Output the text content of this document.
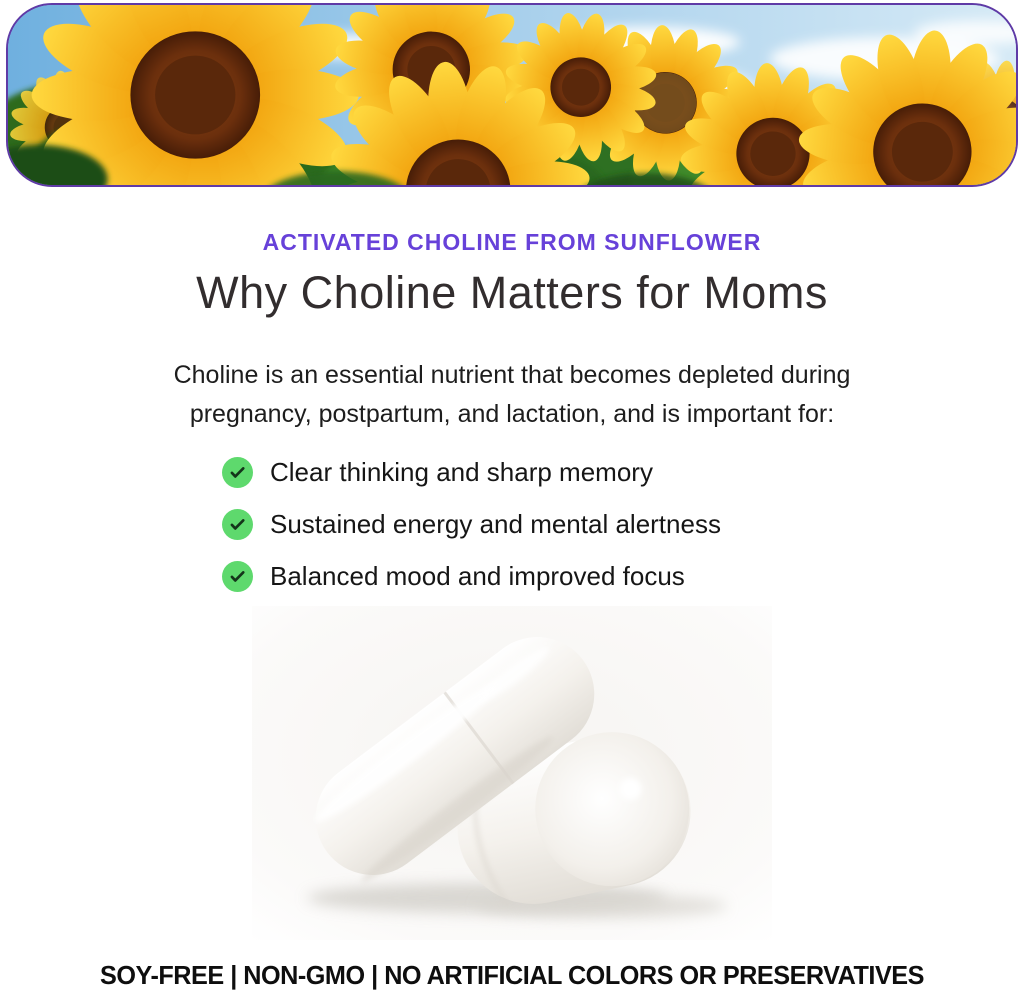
ACTIVATED CHOLINE FROM SUNFLOWER
Why Choline Matters for Moms
Choline is an essential nutrient that becomes depleted during
pregnancy, postpartum, and lactation, and is important for:
Clear thinking and sharp memory
Sustained energy and mental alertness
Balanced mood and improved focus
SOY-FREE | NON-GMO | NO ARTIFICIAL COLORS OR PRESERVATIVES
